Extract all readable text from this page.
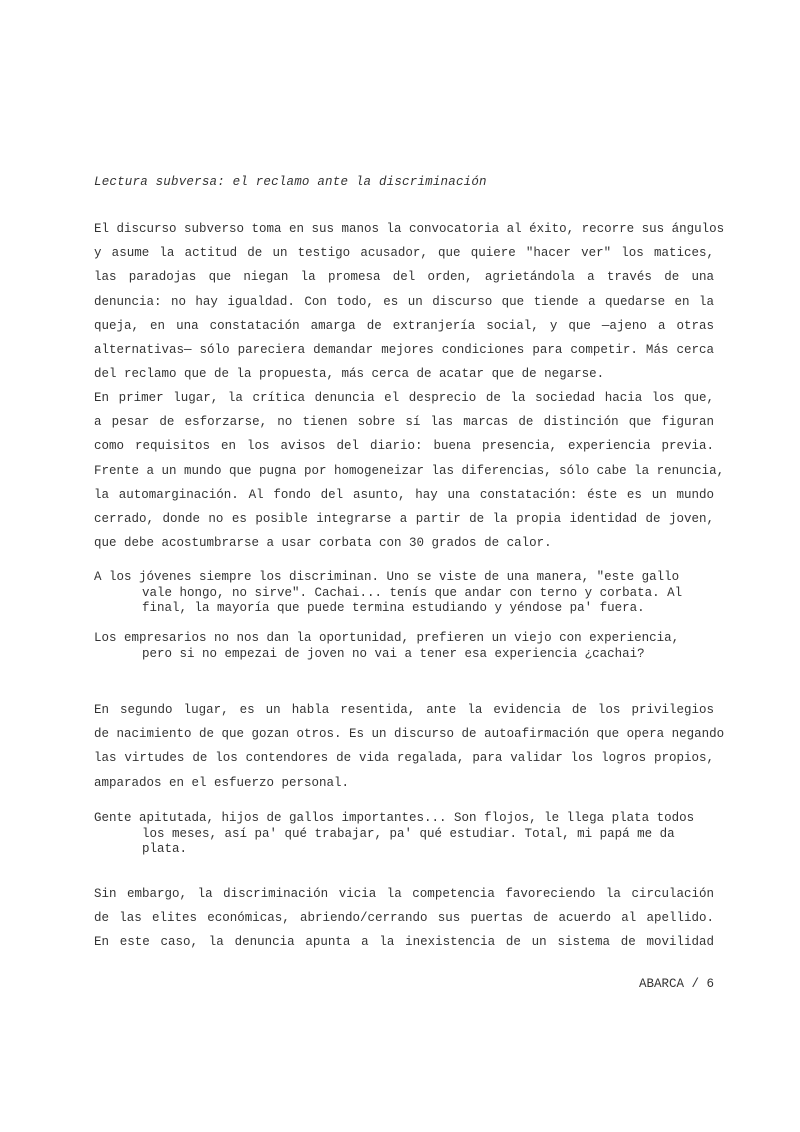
Lectura subversa: el reclamo ante la discriminación
El discurso subverso toma en sus manos la convocatoria al éxito, recorre sus ángulos
y asume la actitud de un testigo acusador, que quiere "hacer ver" los matices,
las paradojas que niegan la promesa del orden, agrietándola a través de una
denuncia: no hay igualdad. Con todo, es un discurso que tiende a quedarse en la
queja, en una constatación amarga de extranjería social, y que —ajeno a otras
alternativas— sólo pareciera demandar mejores condiciones para competir. Más cerca
del reclamo que de la propuesta, más cerca de acatar que de negarse.
En primer lugar, la crítica denuncia el desprecio de la sociedad hacia los que,
a pesar de esforzarse, no tienen sobre sí las marcas de distinción que figuran
como requisitos en los avisos del diario: buena presencia, experiencia previa.
Frente a un mundo que pugna por homogeneizar las diferencias, sólo cabe la renuncia,
la automarginación. Al fondo del asunto, hay una constatación: éste es un mundo
cerrado, donde no es posible integrarse a partir de la propia identidad de joven,
que debe acostumbrarse a usar corbata con 30 grados de calor.
A los jóvenes siempre los discriminan. Uno se viste de una manera, "este gallo
vale hongo, no sirve". Cachai... tenís que andar con terno y corbata. Al
final, la mayoría que puede termina estudiando y yéndose pa' fuera.
Los empresarios no nos dan la oportunidad, prefieren un viejo con experiencia,
pero si no empezai de joven no vai a tener esa experiencia ¿cachai?
En segundo lugar, es un habla resentida, ante la evidencia de los privilegios
de nacimiento de que gozan otros. Es un discurso de autoafirmación que opera negando
las virtudes de los contendores de vida regalada, para validar los logros propios,
amparados en el esfuerzo personal.
Gente apitutada, hijos de gallos importantes... Son flojos, le llega plata todos
los meses, así pa' qué trabajar, pa' qué estudiar. Total, mi papá me da
plata.
Sin embargo, la discriminación vicia la competencia favoreciendo la circulación
de las elites económicas, abriendo/cerrando sus puertas de acuerdo al apellido.
En este caso, la denuncia apunta a la inexistencia de un sistema de movilidad
ABARCA / 6
